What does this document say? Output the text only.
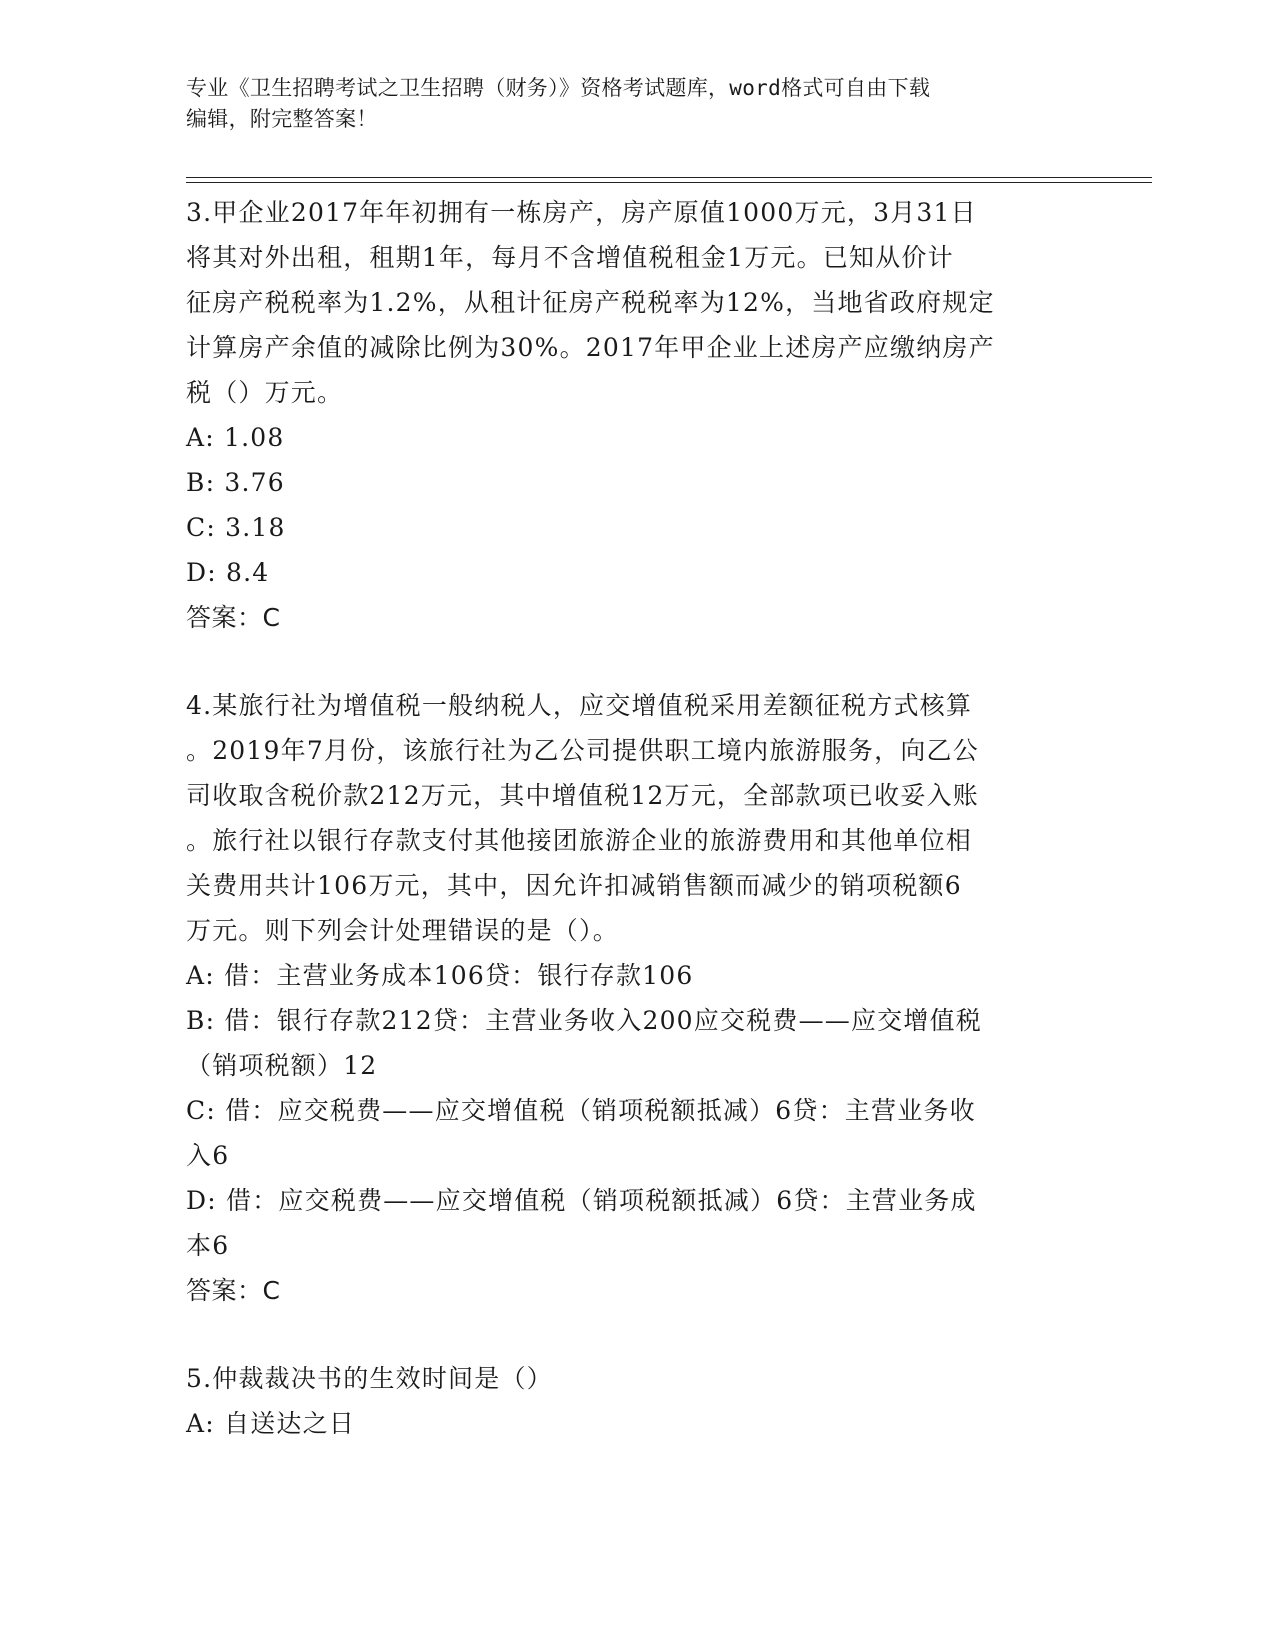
专业《卫生招聘考试之卫生招聘（财务）》资格考试题库，word格式可自由下载
编辑，附完整答案！
3.甲企业2017年年初拥有一栋房产，房产原值1000万元，3月31日
将其对外出租，租期1年，每月不含增值税租金1万元。已知从价计
征房产税税率为1.2%，从租计征房产税税率为12%，当地省政府规定
计算房产余值的减除比例为30%。2017年甲企业上述房产应缴纳房产
税（）万元。
A: 1.08
B: 3.76
C: 3.18
D: 8.4
答案：C
4.某旅行社为增值税一般纳税人，应交增值税采用差额征税方式核算
。2019年7月份，该旅行社为乙公司提供职工境内旅游服务，向乙公
司收取含税价款212万元，其中增值税12万元，全部款项已收妥入账
。旅行社以银行存款支付其他接团旅游企业的旅游费用和其他单位相
关费用共计106万元，其中，因允许扣减销售额而减少的销项税额6
万元。则下列会计处理错误的是（）。
A: 借：主营业务成本106贷：银行存款106
B: 借：银行存款212贷：主营业务收入200应交税费——应交增值税
（销项税额）12
C: 借：应交税费——应交增值税（销项税额抵减）6贷：主营业务收
入6
D: 借：应交税费——应交增值税（销项税额抵减）6贷：主营业务成
本6
答案：C
5.仲裁裁决书的生效时间是（）
A: 自送达之日
